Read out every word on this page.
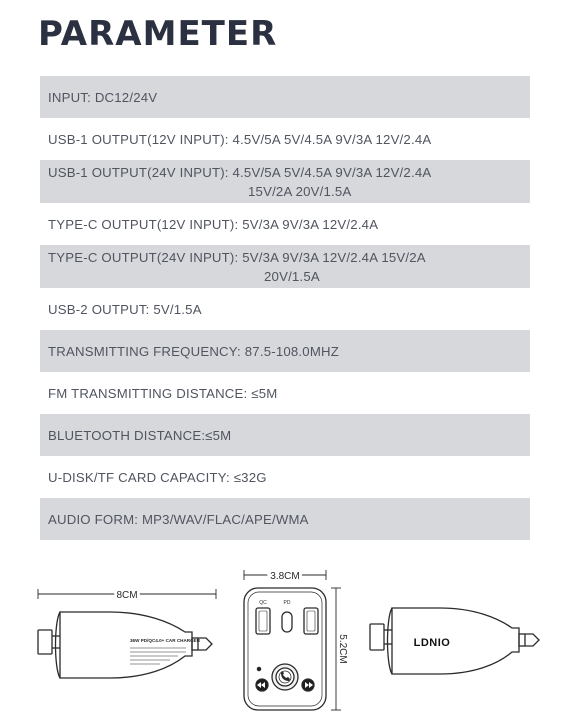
PARAMETER
INPUT: DC12/24V
USB-1 OUTPUT(12V INPUT): 4.5V/5A 5V/4.5A 9V/3A 12V/2.4A
USB-1 OUTPUT(24V INPUT): 4.5V/5A 5V/4.5A 9V/3A 12V/2.4A
15V/2A 20V/1.5A
TYPE-C OUTPUT(12V INPUT): 5V/3A 9V/3A 12V/2.4A
TYPE-C OUTPUT(24V INPUT): 5V/3A 9V/3A 12V/2.4A 15V/2A
20V/1.5A
USB-2 OUTPUT: 5V/1.5A
TRANSMITTING FREQUENCY: 87.5-108.0MHZ
FM TRANSMITTING DISTANCE: ≤5M
BLUETOOTH DISTANCE:≤5M
U-DISK/TF CARD CAPACITY: ≤32G
AUDIO FORM: MP3/WAV/FLAC/APE/WMA
8CM
36W PD/QC4.0+ CAR CHARGER
3.8CM
5.2CM
QC	PD
LDNIO
